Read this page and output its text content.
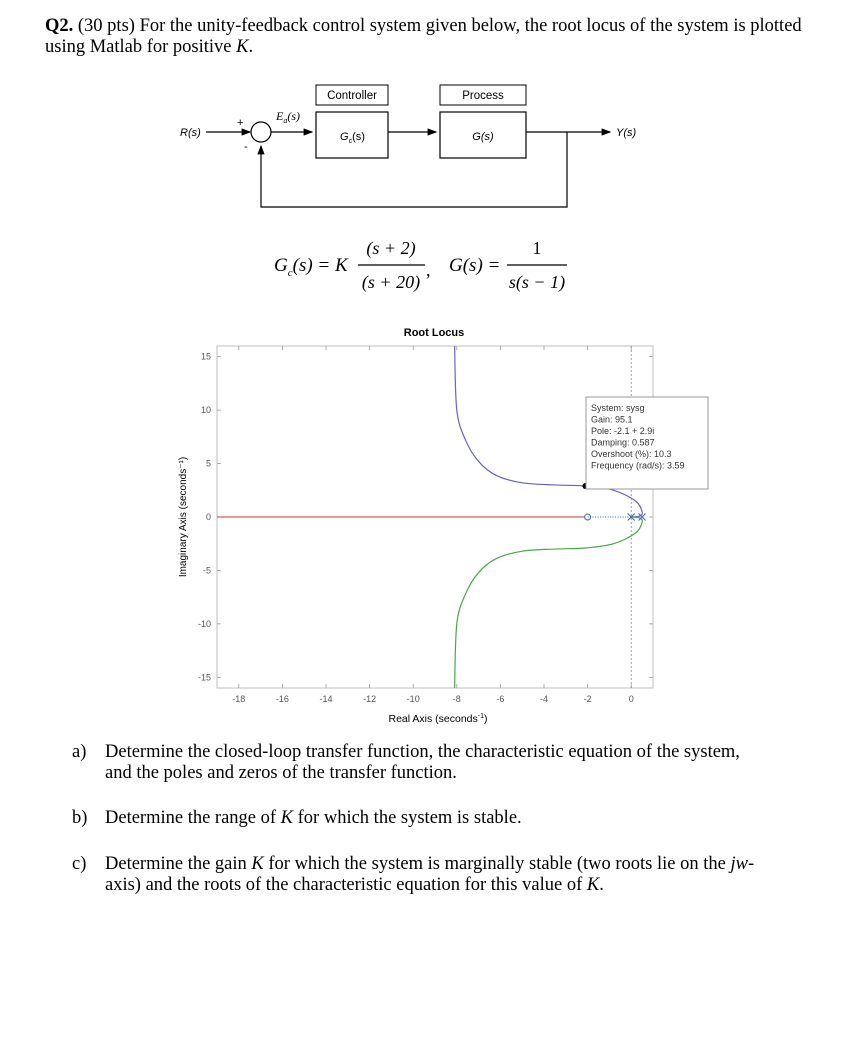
Q2. (30 pts) For the unity-feedback control system given below, the root locus of the system is plotted using Matlab for positive K.
R(s)
+
-
$E_a(s)$
Controller
$G_c(s)$
Process
G(s)	Y(s)
$G_c(s) = K$
(s + 2)
(s + 20)
, G(s) =
1
s(s − 1)
Root Locus
15
10
5
0
-5
-10
-15
-18	-16	-14	-12	-10	-8	-6	-4	-2	0
Imaginary Axis (seconds⁻¹)
Real Axis (seconds$^{-1}$)
System: sysg
Gain: 95.1
Pole: -2.1 + 2.9i
Damping: 0.587
Overshoot (%): 10.3
Frequency (rad/s): 3.59
a) Determine the closed-loop transfer function, the characteristic equation of the system,
and the poles and zeros of the transfer function.
b) Determine the range of K for which the system is stable.
c) Determine the gain K for which the system is marginally stable (two roots lie on the jw-
axis) and the roots of the characteristic equation for this value of K.
